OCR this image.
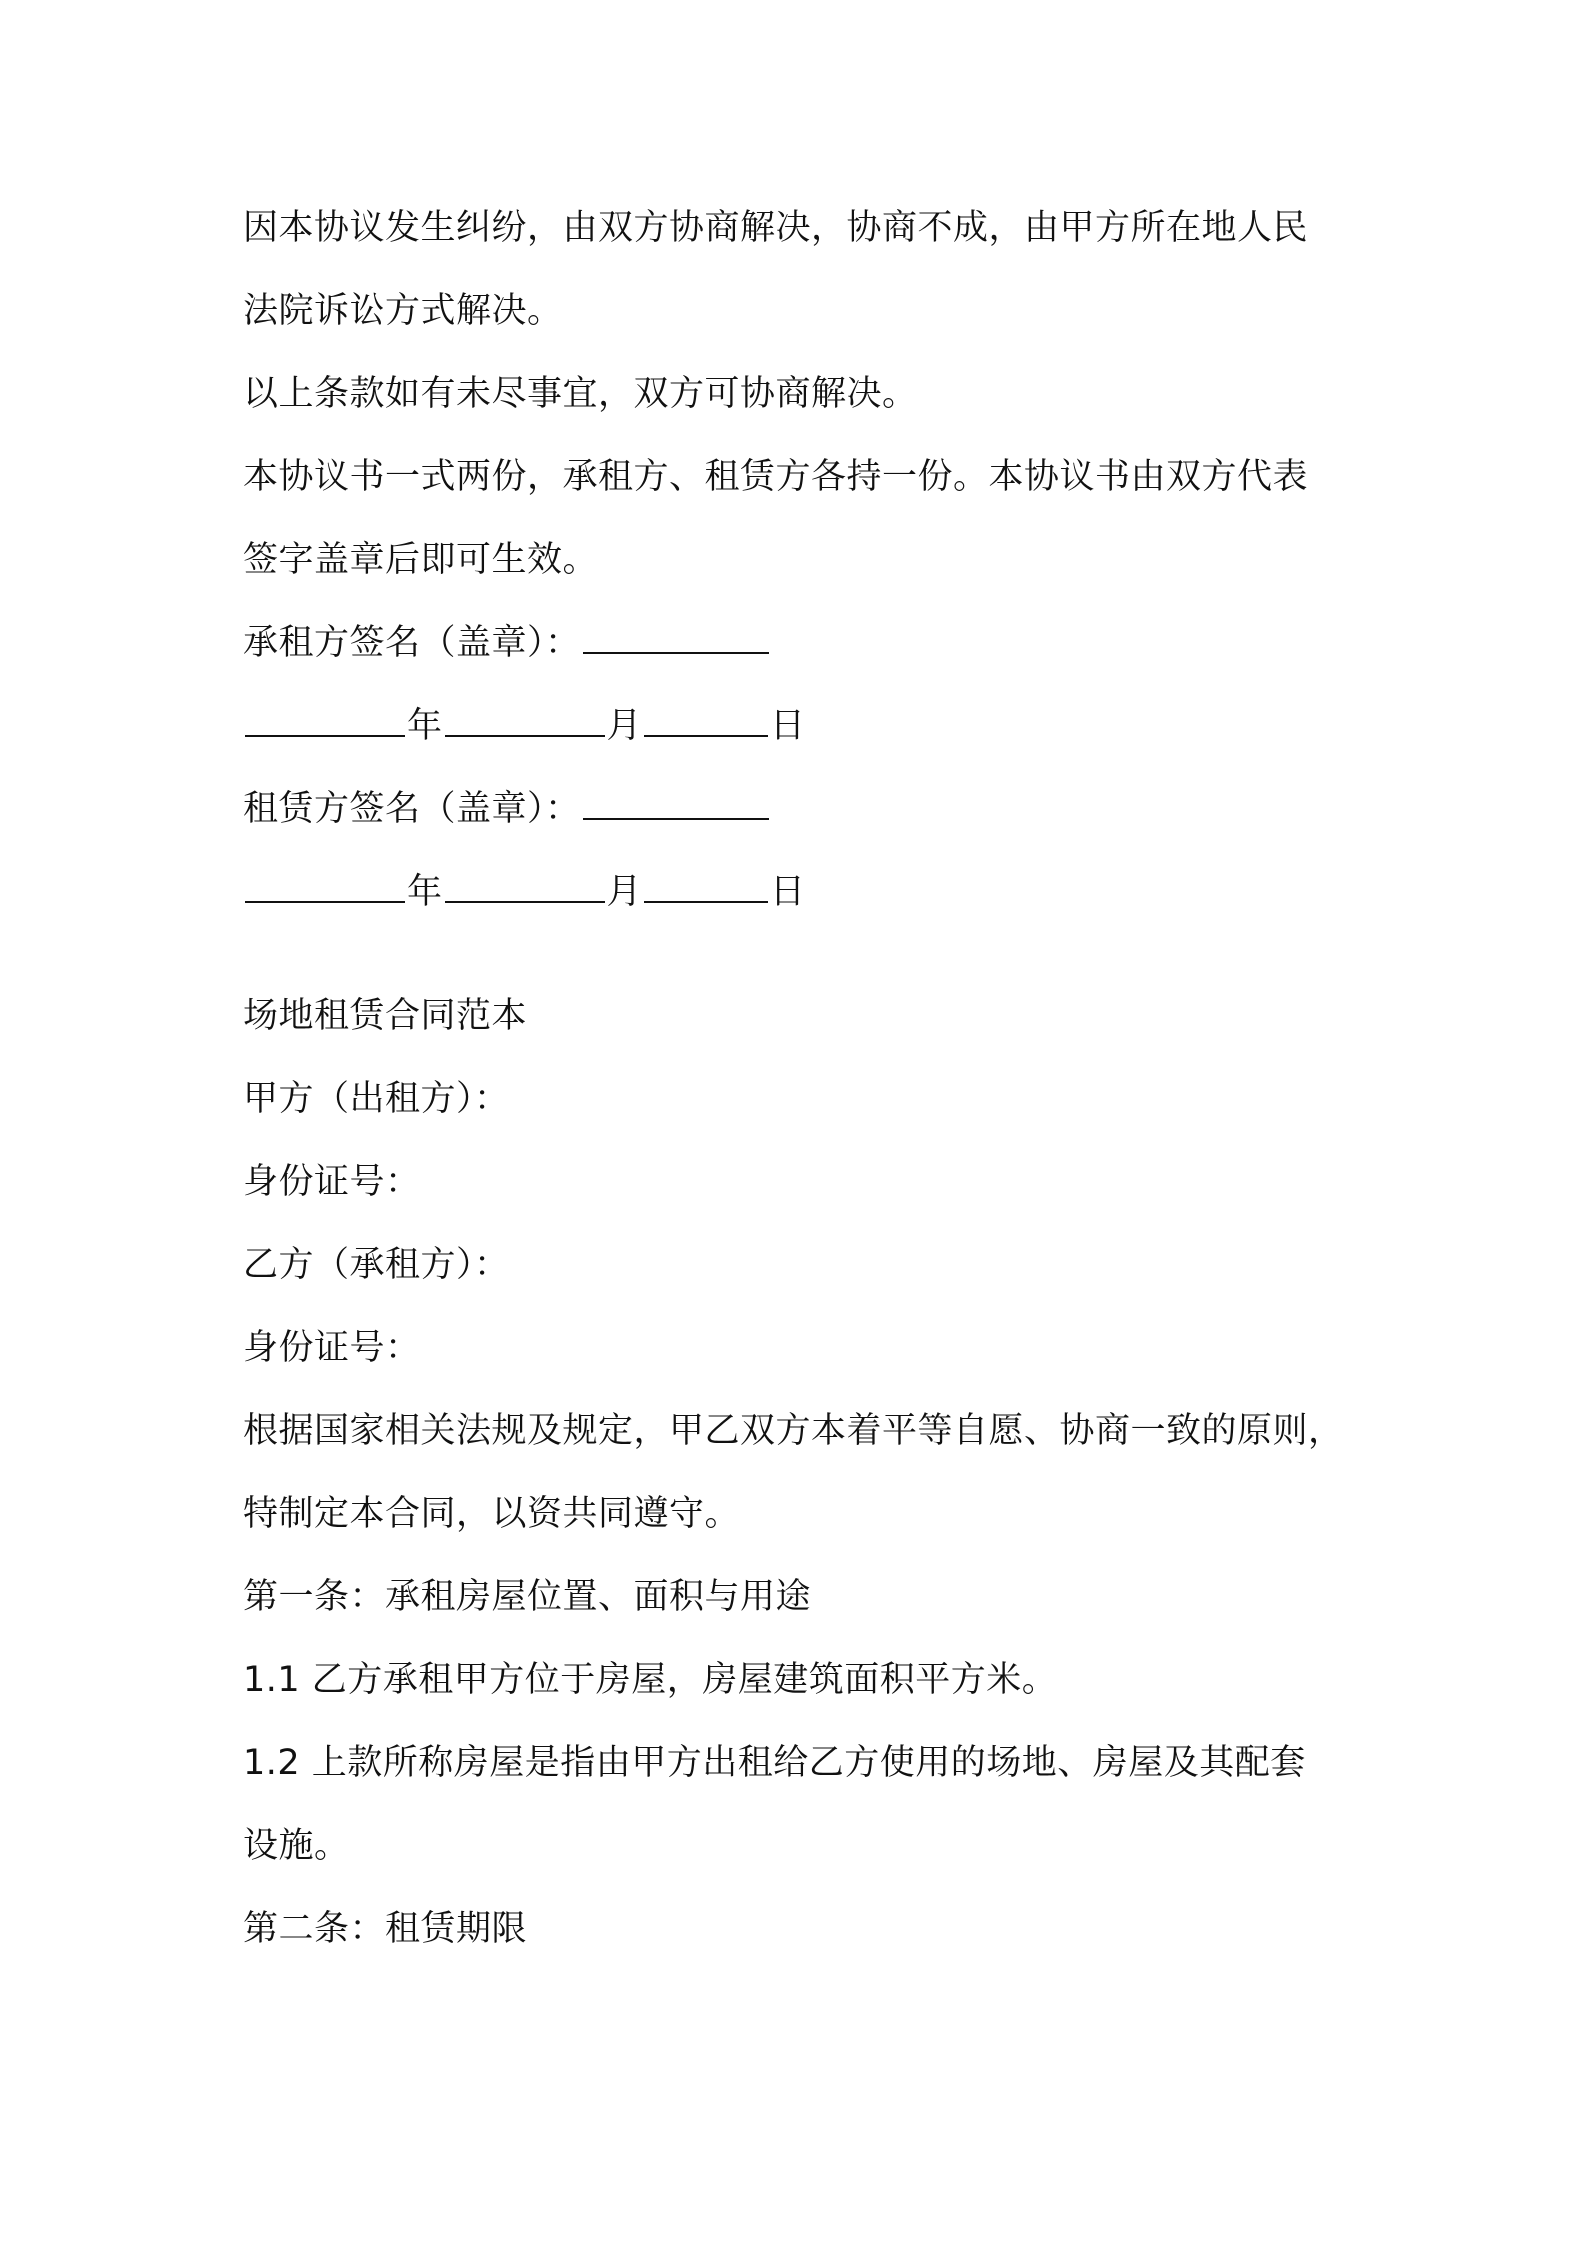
因本协议发生纠纷，由双方协商解决，协商不成，由甲方所在地人民
法院诉讼方式解决。
以上条款如有未尽事宜，双方可协商解决。
本协议书一式两份，承租方、租赁方各持一份。本协议书由双方代表
签字盖章后即可生效。
承租方签名（盖章）：
年	月	日
租赁方签名（盖章）：
年	月	日
场地租赁合同范本
甲方（出租方）：
身份证号：
乙方（承租方）：
身份证号：
根据国家相关法规及规定，甲乙双方本着平等自愿、协商一致的原则，
特制定本合同，以资共同遵守。
第一条：承租房屋位置、面积与用途
1.1 乙方承租甲方位于房屋，房屋建筑面积平方米。
1.2 上款所称房屋是指由甲方出租给乙方使用的场地、房屋及其配套
设施。
第二条：租赁期限
